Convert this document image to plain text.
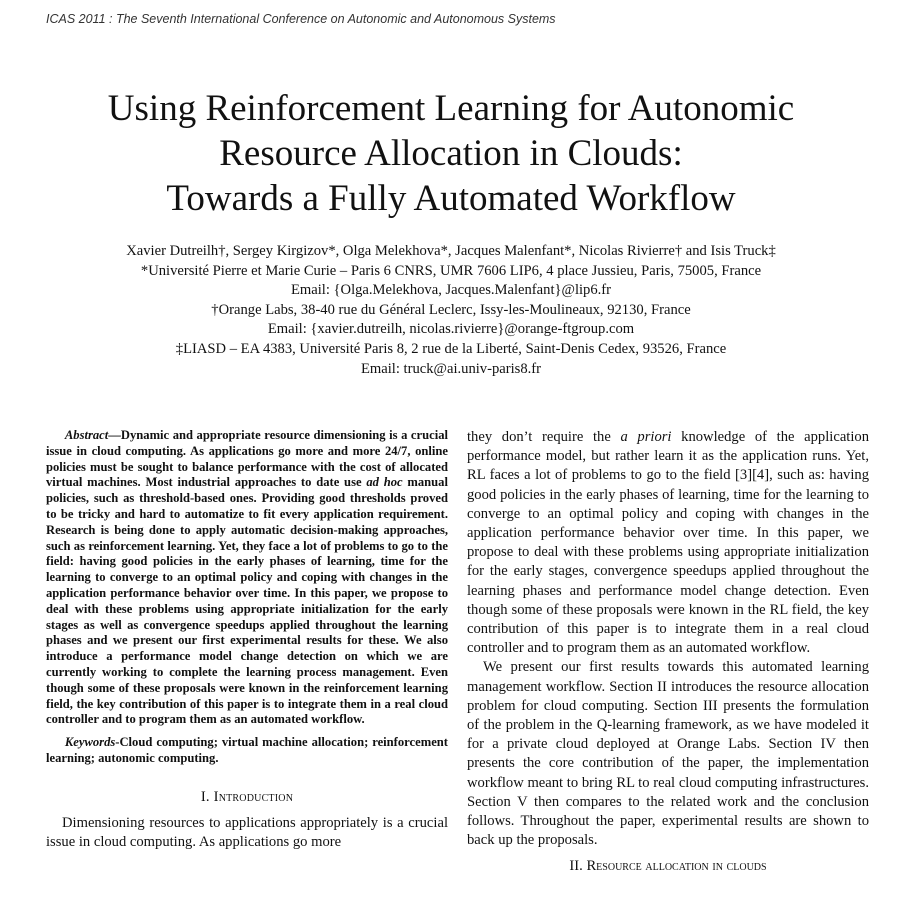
ICAS 2011 : The Seventh International Conference on Autonomic and Autonomous Systems
Using Reinforcement Learning for Autonomic
Resource Allocation in Clouds:
Towards a Fully Automated Workflow
Xavier Dutreilh†, Sergey Kirgizov*, Olga Melekhova*, Jacques Malenfant*, Nicolas Rivierre† and Isis Truck‡
*Université Pierre et Marie Curie – Paris 6 CNRS, UMR 7606 LIP6, 4 place Jussieu, Paris, 75005, France
Email: {Olga.Melekhova, Jacques.Malenfant}@lip6.fr
†Orange Labs, 38-40 rue du Général Leclerc, Issy-les-Moulineaux, 92130, France
Email: {xavier.dutreilh, nicolas.rivierre}@orange-ftgroup.com
‡LIASD – EA 4383, Université Paris 8, 2 rue de la Liberté, Saint-Denis Cedex, 93526, France
Email: truck@ai.univ-paris8.fr

   Abstract—Dynamic and appropriate resource dimensioning is a crucial issue in cloud computing. As applications go more and more 24/7, online policies must be sought to balance performance with the cost of allocated virtual machines. Most industrial approaches to date use ad hoc manual policies, such as threshold-based ones. Providing good thresholds proved to be tricky and hard to automatize to fit every application requirement. Research is being done to apply automatic decision-making approaches, such as reinforcement learning. Yet, they face a lot of problems to go to the field: having good policies in the early phases of learning, time for the learning to converge to an optimal policy and coping with changes in the application performance behavior over time. In this paper, we propose to deal with these problems using appropriate initialization for the early stages as well as convergence speedups applied throughout the learning phases and we present our first experimental results for these. We also introduce a performance model change detection on which we are currently working to complete the learning process management. Even though some of these proposals were known in the reinforcement learning field, the key contribution of this paper is to integrate them in a real cloud controller and to program them as an automated workflow.

   Keywords-Cloud computing; virtual machine allocation; reinforcement learning; autonomic computing.

I. Introduction

Dimensioning resources to applications appropriately is a crucial issue in cloud computing. As applications go more

they don’t require the a priori knowledge of the application performance model, but rather learn it as the application runs. Yet, RL faces a lot of problems to go to the field [3][4], such as: having good policies in the early phases of learning, time for the learning to converge to an optimal policy and coping with changes in the application performance behavior over time. In this paper, we propose to deal with these problems using appropriate initialization for the early stages, convergence speedups applied throughout the learning phases and performance model change detection. Even though some of these proposals were known in the RL field, the key contribution of this paper is to integrate them in a real cloud controller and to program them as an automated workflow.

We present our first results towards this automated learning management workflow. Section II introduces the resource allocation problem for cloud computing. Section III presents the formulation of the problem in the Q-learning framework, as we have modeled it for a private cloud deployed at Orange Labs. Section IV then presents the core contribution of the paper, the implementation workflow meant to bring RL to real cloud computing infrastructures. Section V then compares to the related work and the conclusion follows. Throughout the paper, experimental results are shown to back up the proposals.

II. Resource allocation in clouds
